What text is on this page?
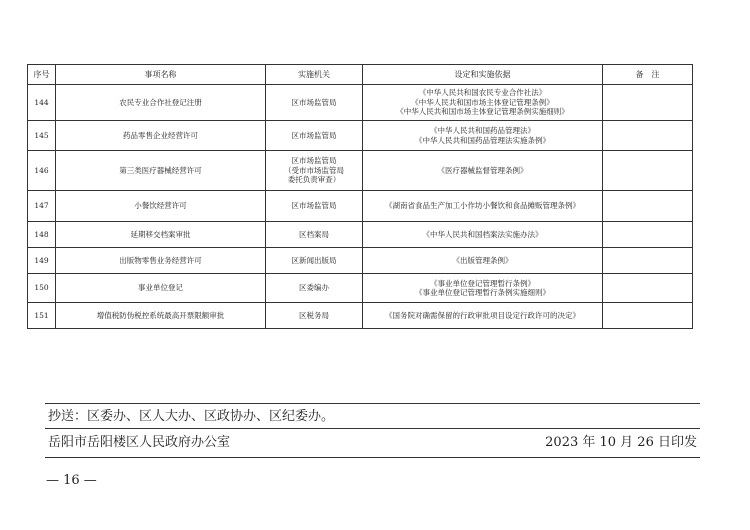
序号	事项名称	实施机关	设定和实施依据	备　注
144	农民专业合作社登记注册	区市场监管局	《中华人民共和国农民专业合作社法》
《中华人民共和国市场主体登记管理条例》
《中华人民共和国市场主体登记管理条例实施细则》	

145	药品零售企业经营许可	区市场监管局	《中华人民共和国药品管理法》
《中华人民共和国药品管理法实施条例》	

146	第三类医疗器械经营许可	区市场监管局
（受市市场监管局
委托负责审查）	《医疗器械监督管理条例》	

147	小餐饮经营许可	区市场监管局	《湖南省食品生产加工小作坊小餐饮和食品摊贩管理条例》	

148	延期移交档案审批	区档案局	《中华人民共和国档案法实施办法》	

149	出版物零售业务经营许可	区新闻出版局	《出版管理条例》	

150	事业单位登记	区委编办	《事业单位登记管理暂行条例》
《事业单位登记管理暂行条例实施细则》	

151	增值税防伪税控系统最高开票限额审批	区税务局	《国务院对确需保留的行政审批项目设定行政许可的决定》	

抄送：区委办、区人大办、区政协办、区纪委办。
岳阳市岳阳楼区人民政府办公室	2023 年 10 月 26 日印发
— 16 —
